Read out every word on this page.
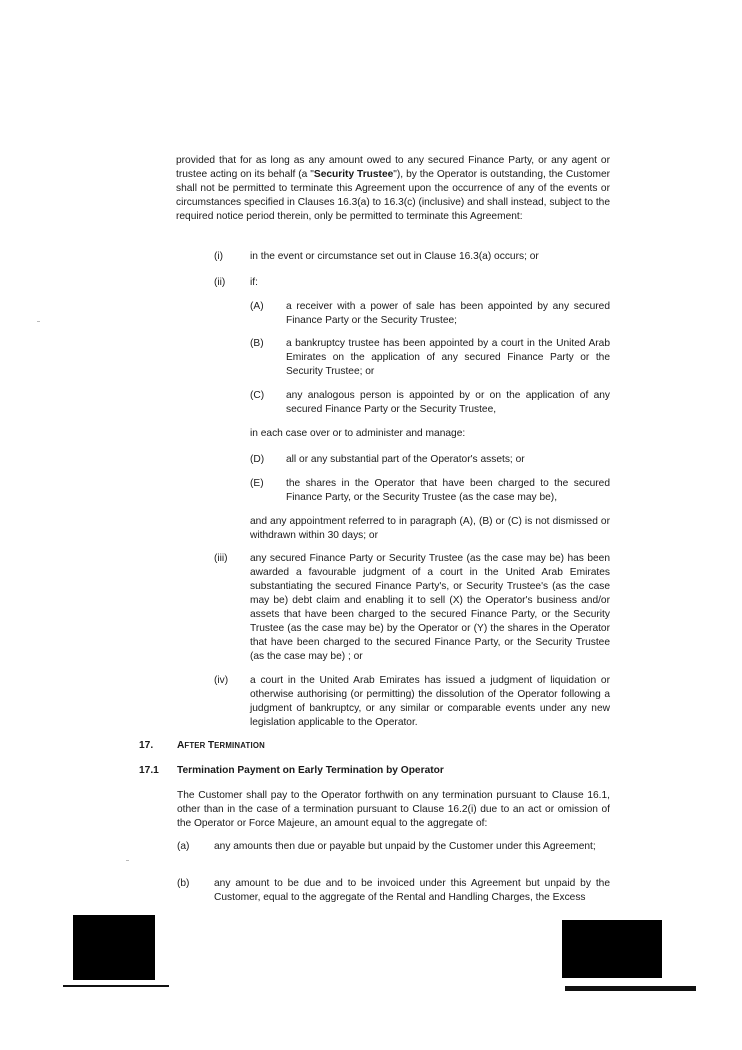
provided that for as long as any amount owed to any secured Finance Party, or any agent or trustee acting on its behalf (a "Security Trustee"), by the Operator is outstanding, the Customer shall not be permitted to terminate this Agreement upon the occurrence of any of the events or circumstances specified in Clauses 16.3(a) to 16.3(c) (inclusive) and shall instead, subject to the required notice period therein, only be permitted to terminate this Agreement:

(i)	in the event or circumstance set out in Clause 16.3(a) occurs; or

(ii) if:

(A) a receiver with a power of sale has been appointed by any secured Finance Party or the Security Trustee;

(B) a bankruptcy trustee has been appointed by a court in the United Arab Emirates on the application of any secured Finance Party or the Security Trustee; or

(C) any analogous person is appointed by or on the application of any secured Finance Party or the Security Trustee,

in each case over or to administer and manage:

(D) all or any substantial part of the Operator's assets; or

(E) the shares in the Operator that have been charged to the secured Finance Party, or the Security Trustee (as the case may be),

and any appointment referred to in paragraph (A), (B) or (C) is not dismissed or withdrawn within 30 days; or

(iii) any secured Finance Party or Security Trustee (as the case may be) has been awarded a favourable judgment of a court in the United Arab Emirates substantiating the secured Finance Party's, or Security Trustee's (as the case may be) debt claim and enabling it to sell (X) the Operator's business and/or assets that have been charged to the secured Finance Party, or the Security Trustee (as the case may be) by the Operator or (Y) the shares in the Operator that have been charged to the secured Finance Party, or the Security Trustee (as the case may be) ; or

(iv) a court in the United Arab Emirates has issued a judgment of liquidation or otherwise authorising (or permitting) the dissolution of the Operator following a judgment of bankruptcy, or any similar or comparable events under any new legislation applicable to the Operator.

17. AFTER TERMINATION

17.1 Termination Payment on Early Termination by Operator

The Customer shall pay to the Operator forthwith on any termination pursuant to Clause 16.1, other than in the case of a termination pursuant to Clause 16.2(i) due to an act or omission of the Operator or Force Majeure, an amount equal to the aggregate of:

(a) any amounts then due or payable but unpaid by the Customer under this Agreement;

(b) any amount to be due and to be invoiced under this Agreement but unpaid by the Customer, equal to the aggregate of the Rental and Handling Charges, the Excess
